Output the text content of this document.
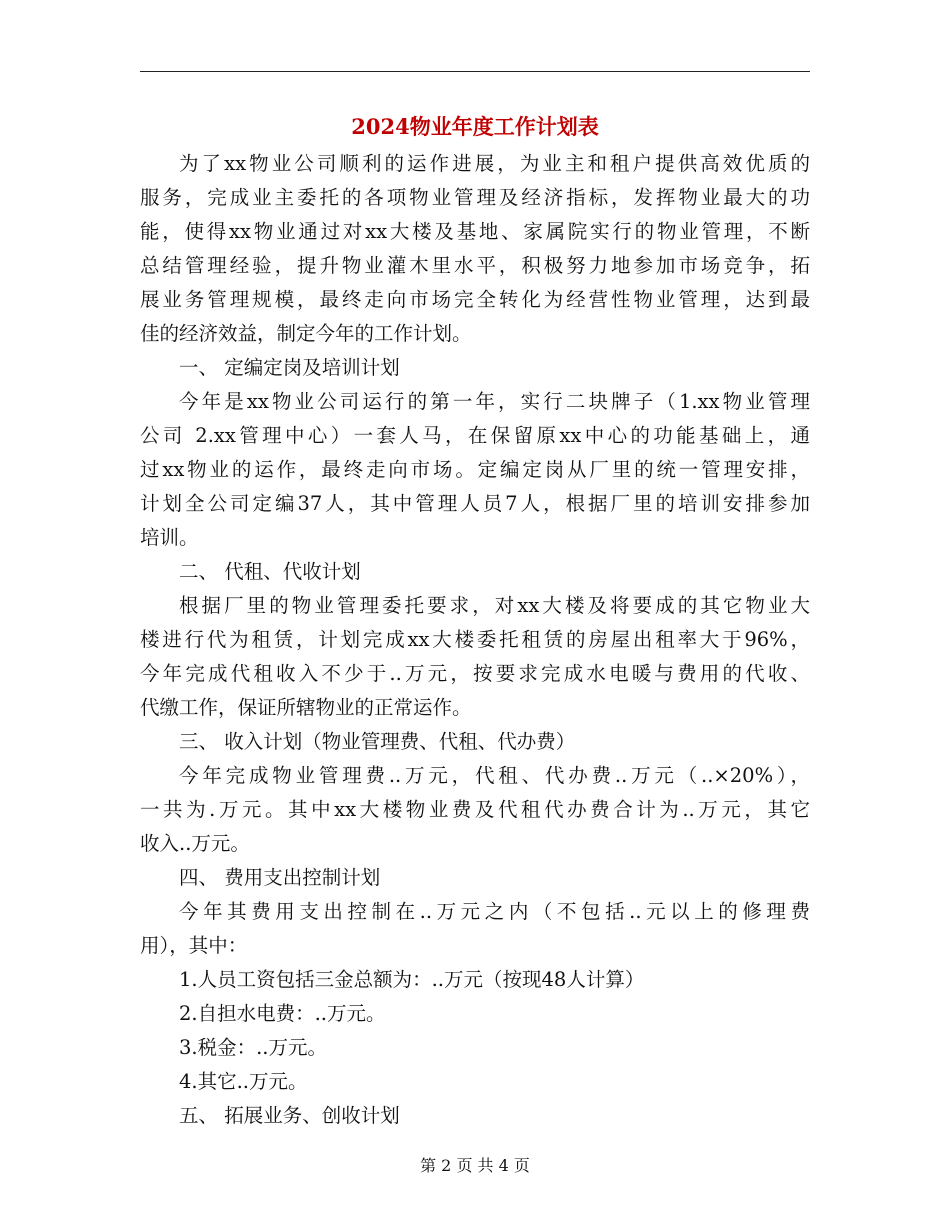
2024物业年度工作计划表
为了xx物业公司顺利的运作进展，为业主和租户提供高效优质的
服务，完成业主委托的各项物业管理及经济指标，发挥物业最大的功
能，使得xx物业通过对xx大楼及基地、家属院实行的物业管理，不断
总结管理经验，提升物业灌木里水平，积极努力地参加市场竞争，拓
展业务管理规模，最终走向市场完全转化为经营性物业管理，达到最
佳的经济效益，制定今年的工作计划。
一、 定编定岗及培训计划
今年是xx物业公司运行的第一年，实行二块牌子（1.xx物业管理
公司 2.xx管理中心）一套人马，在保留原xx中心的功能基础上，通
过xx物业的运作，最终走向市场。定编定岗从厂里的统一管理安排，
计划全公司定编37人，其中管理人员7人，根据厂里的培训安排参加
培训。
二、 代租、代收计划
根据厂里的物业管理委托要求，对xx大楼及将要成的其它物业大
楼进行代为租赁，计划完成xx大楼委托租赁的房屋出租率大于96%，
今年完成代租收入不少于..万元，按要求完成水电暖与费用的代收、
代缴工作，保证所辖物业的正常运作。
三、 收入计划（物业管理费、代租、代办费）
今年完成物业管理费..万元，代租、代办费..万元（..×20%），
一共为.万元。其中xx大楼物业费及代租代办费合计为..万元，其它
收入..万元。
四、 费用支出控制计划
今年其费用支出控制在..万元之内（不包括..元以上的修理费
用），其中：
1.人员工资包括三金总额为：..万元（按现48人计算）
2.自担水电费：..万元。
3.税金：..万元。
4.其它..万元。
五、 拓展业务、创收计划
第 2 页 共 4 页
